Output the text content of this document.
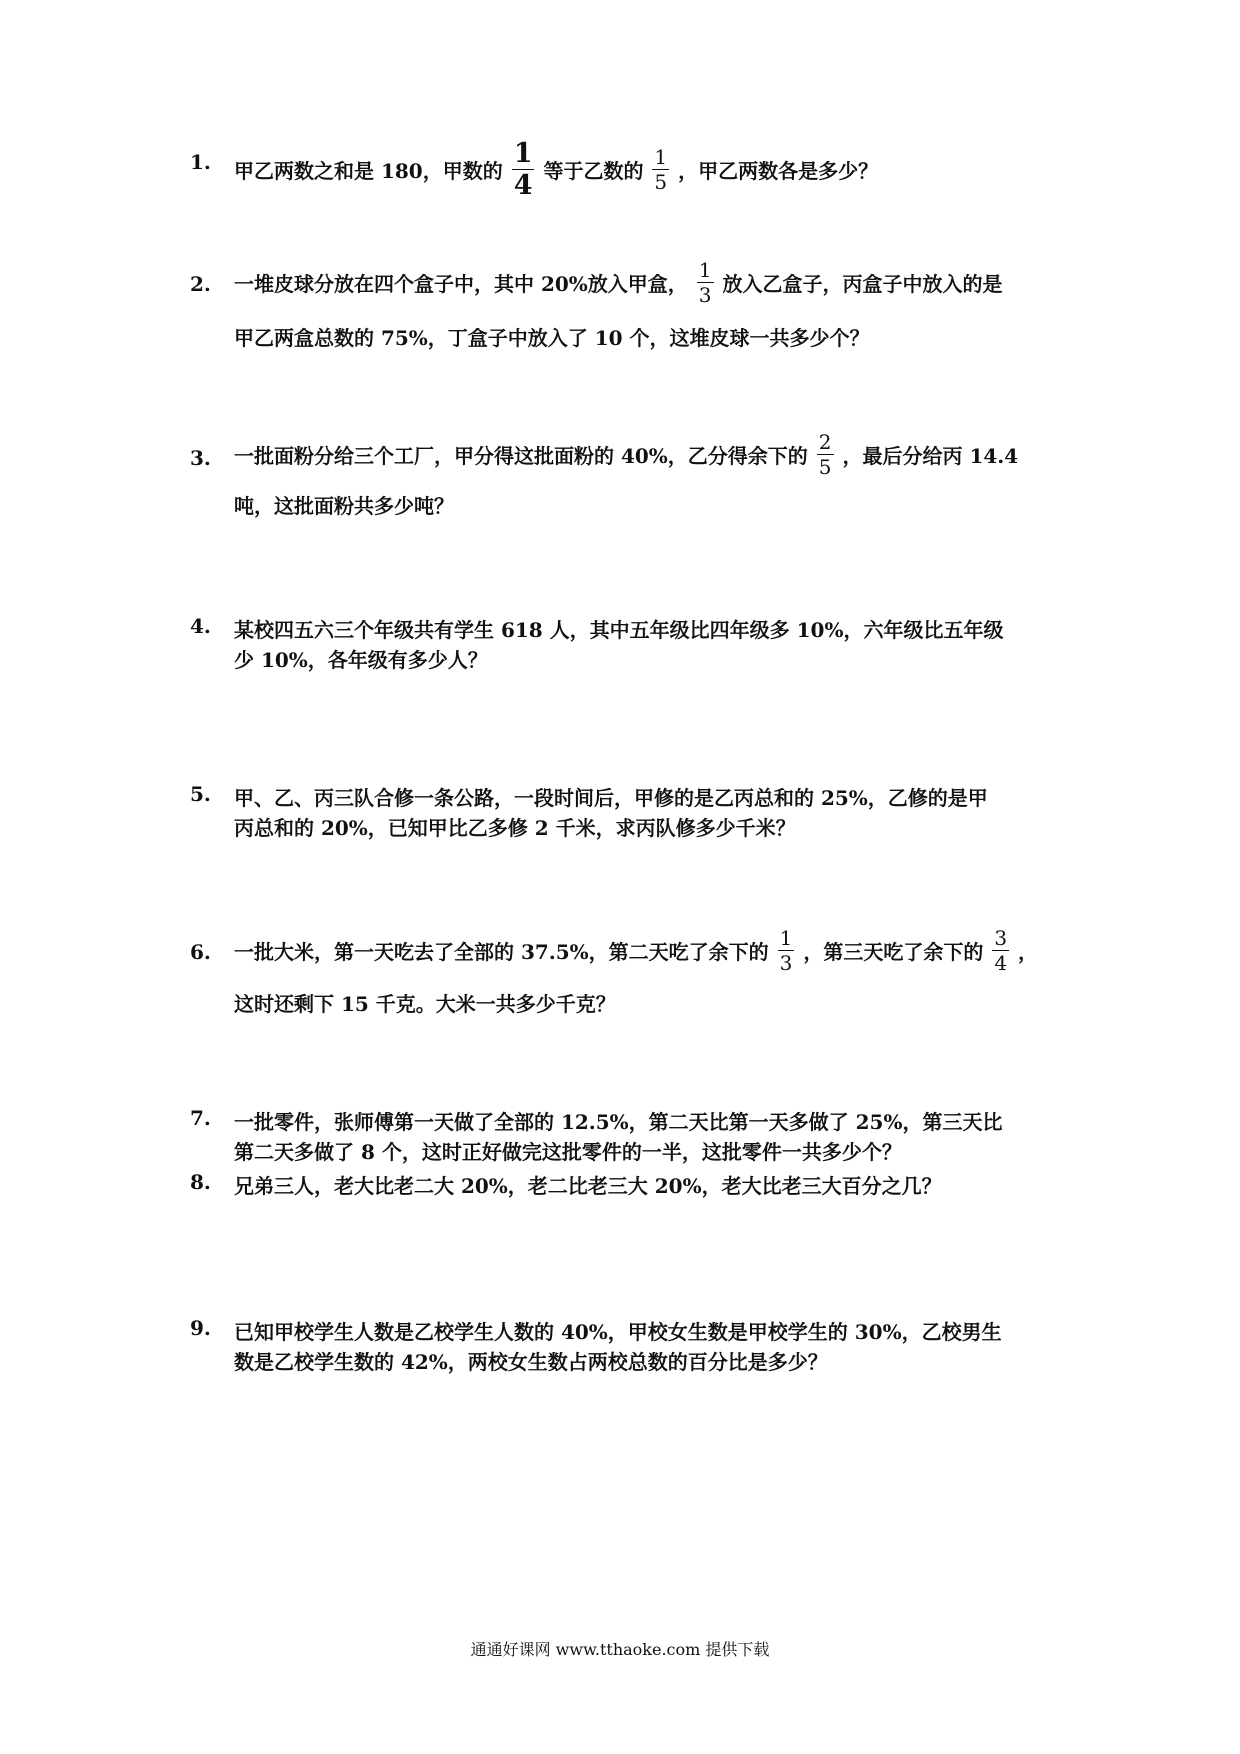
1.	甲乙两数之和是 180，甲数的 $\frac{1}{4}$ 等于乙数的 $\frac{1}{5}$ ，甲乙两数各是多少？
2.	一堆皮球分放在四个盒子中，其中 20%放入甲盒， $\frac{1}{3}$ 放入乙盒子，丙盒子中放入的是
甲乙两盒总数的 75%，丁盒子中放入了 10 个，这堆皮球一共多少个？
3.	一批面粉分给三个工厂，甲分得这批面粉的 40%，乙分得余下的 $\frac{2}{5}$ ，最后分给丙 14.4
吨，这批面粉共多少吨？
4.	某校四五六三个年级共有学生 618 人，其中五年级比四年级多 10%，六年级比五年级
少 10%，各年级有多少人？
5.	甲、乙、丙三队合修一条公路，一段时间后，甲修的是乙丙总和的 25%，乙修的是甲
丙总和的 20%，已知甲比乙多修 2 千米，求丙队修多少千米？
6.	一批大米，第一天吃去了全部的 37.5%，第二天吃了余下的 $\frac{1}{3}$ ，第三天吃了余下的 $\frac{3}{4}$ ，
这时还剩下 15 千克。大米一共多少千克？
7.	一批零件，张师傅第一天做了全部的 12.5%，第二天比第一天多做了 25%，第三天比
第二天多做了 8 个，这时正好做完这批零件的一半，这批零件一共多少个？
8.	兄弟三人，老大比老二大 20%，老二比老三大 20%，老大比老三大百分之几？
9.	已知甲校学生人数是乙校学生人数的 40%，甲校女生数是甲校学生的 30%，乙校男生
数是乙校学生数的 42%，两校女生数占两校总数的百分比是多少？
通通好课网 www.tthaoke.com 提供下载
